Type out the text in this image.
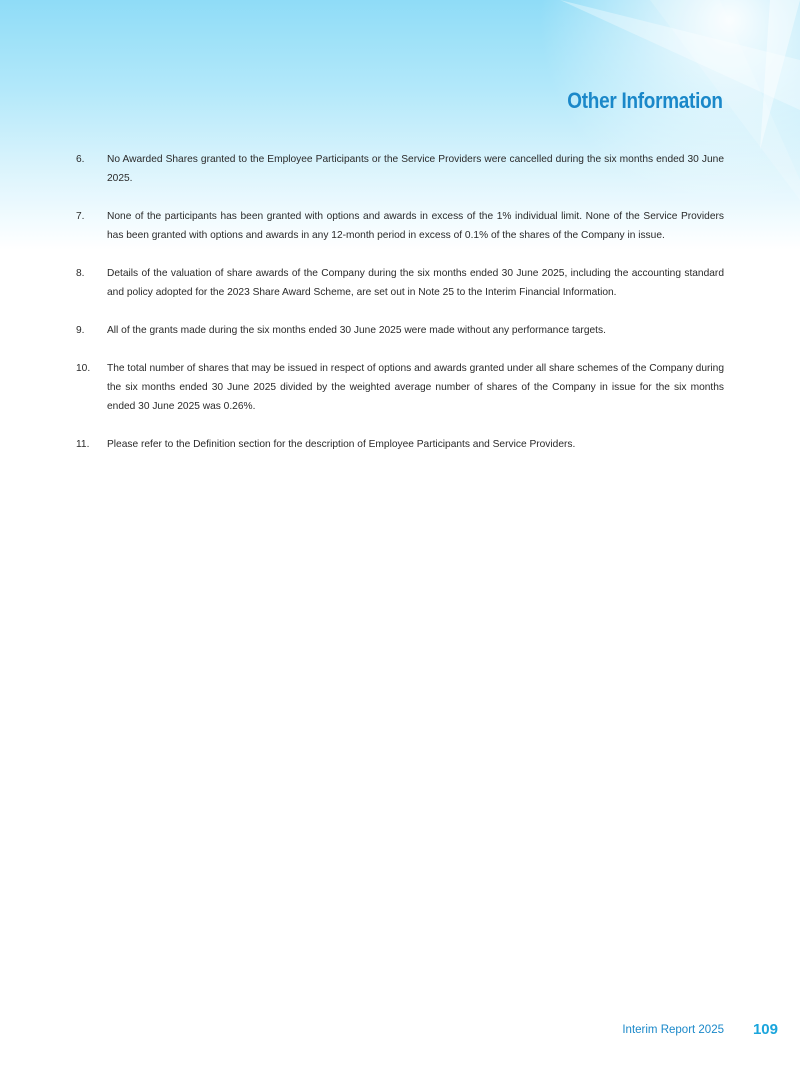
Other Information
6.	No Awarded Shares granted to the Employee Participants or the Service Providers were cancelled during the six months ended 30 June 2025.
7.	None of the participants has been granted with options and awards in excess of the 1% individual limit. None of the Service Providers has been granted with options and awards in any 12-month period in excess of 0.1% of the shares of the Company in issue.
8.	Details of the valuation of share awards of the Company during the six months ended 30 June 2025, including the accounting standard and policy adopted for the 2023 Share Award Scheme, are set out in Note 25 to the Interim Financial Information.
9.	All of the grants made during the six months ended 30 June 2025 were made without any performance targets.
10.	The total number of shares that may be issued in respect of options and awards granted under all share schemes of the Company during the six months ended 30 June 2025 divided by the weighted average number of shares of the Company in issue for the six months ended 30 June 2025 was 0.26%.
11.	Please refer to the Definition section for the description of Employee Participants and Service Providers.
Interim Report 2025 109
